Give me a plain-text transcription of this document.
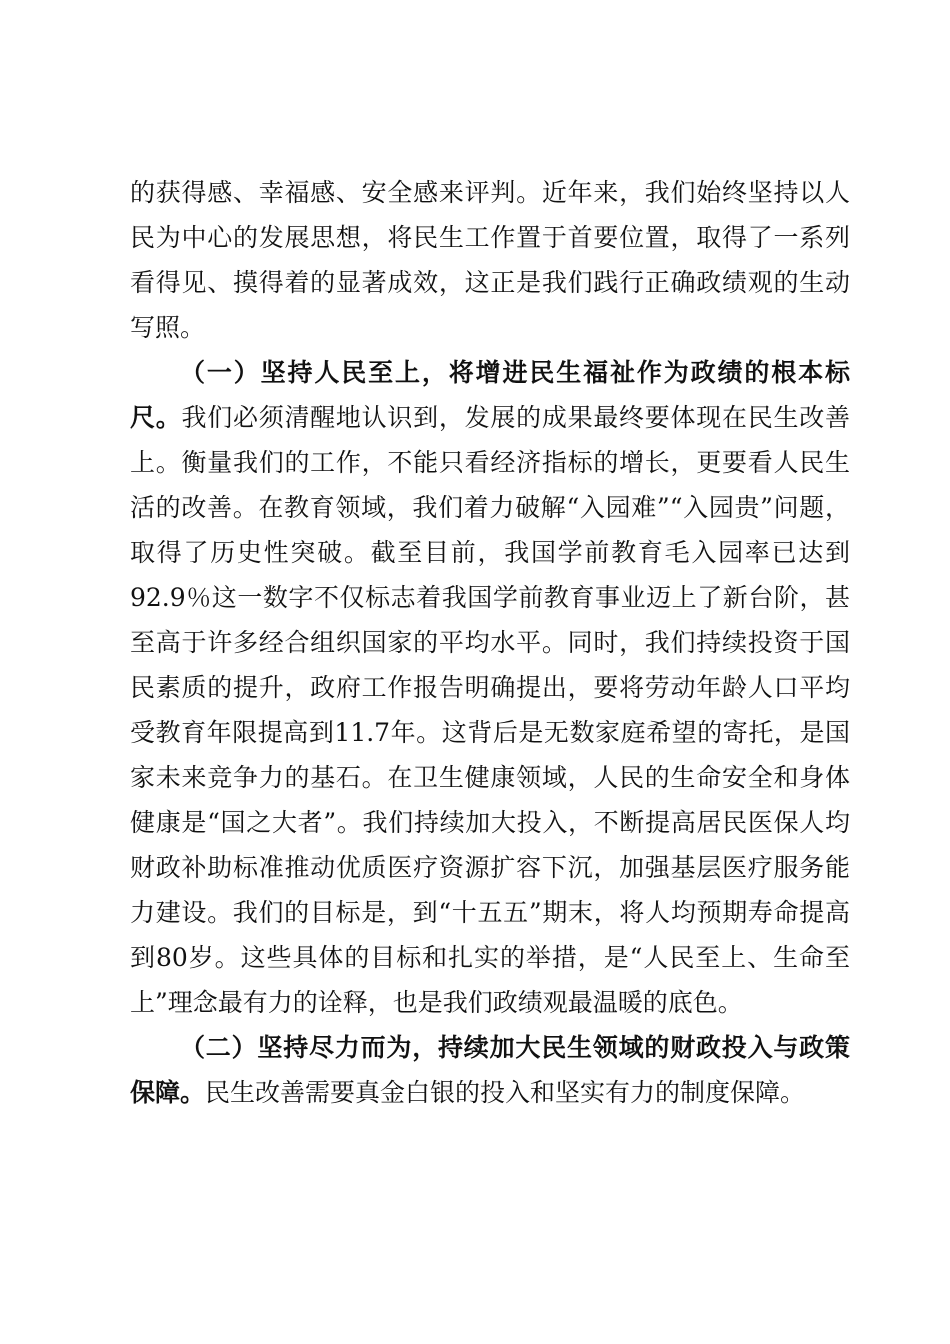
的获得感、幸福感、安全感来评判。近年来，我们始终坚持以人民为中心的发展思想，将民生工作置于首要位置，取得了一系列看得见、摸得着的显著成效，这正是我们践行正确政绩观的生动写照。

（一）坚持人民至上，将增进民生福祉作为政绩的根本标尺。我们必须清醒地认识到，发展的成果最终要体现在民生改善上。衡量我们的工作，不能只看经济指标的增长，更要看人民生活的改善。在教育领域，我们着力破解“入园难”“入园贵”问题，取得了历史性突破。截至目前，我国学前教育毛入园率已达到92.9％这一数字不仅标志着我国学前教育事业迈上了新台阶，甚至高于许多经合组织国家的平均水平。同时，我们持续投资于国民素质的提升，政府工作报告明确提出，要将劳动年龄人口平均受教育年限提高到11.7年。这背后是无数家庭希望的寄托，是国家未来竞争力的基石。在卫生健康领域，人民的生命安全和身体健康是“国之大者”。我们持续加大投入，不断提高居民医保人均财政补助标准推动优质医疗资源扩容下沉，加强基层医疗服务能力建设。我们的目标是，到“十五五”期末，将人均预期寿命提高到80岁。这些具体的目标和扎实的举措，是“人民至上、生命至上”理念最有力的诠释，也是我们政绩观最温暖的底色。

（二）坚持尽力而为，持续加大民生领域的财政投入与政策保障。民生改善需要真金白银的投入和坚实有力的制度保障。
